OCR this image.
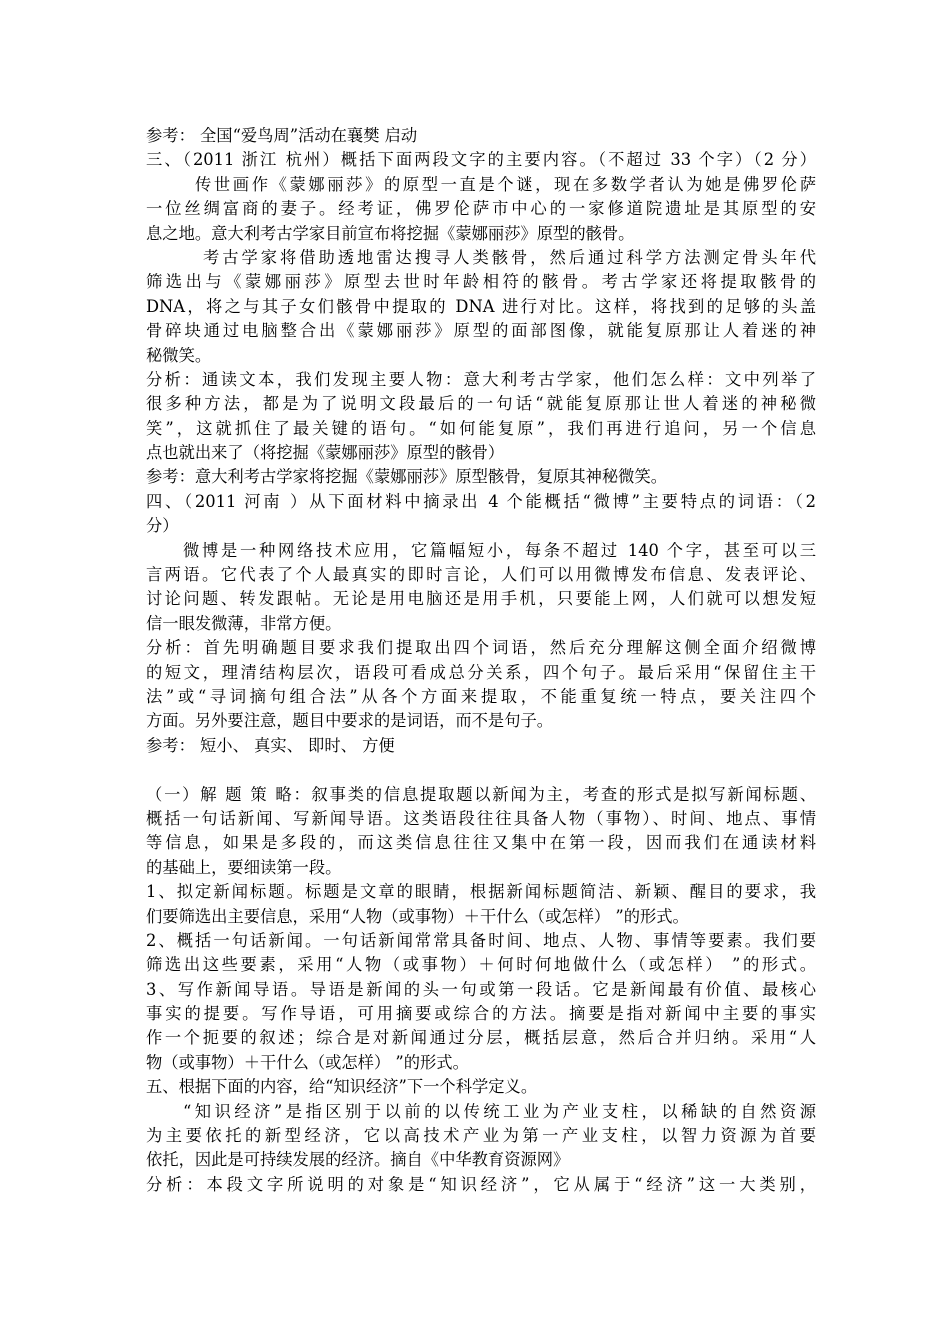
参考： 全国“爱鸟周”活动在襄樊 启动
三、（2011 浙江 杭州）概括下面两段文字的主要内容。（不超过 33 个字）（2 分）
传世画作《蒙娜丽莎》的原型一直是个谜，现在多数学者认为她是佛罗伦萨
一位丝绸富商的妻子。经考证，佛罗伦萨市中心的一家修道院遗址是其原型的安
息之地。意大利考古学家目前宣布将挖掘《蒙娜丽莎》原型的骸骨。
考古学家将借助透地雷达搜寻人类骸骨，然后通过科学方法测定骨头年代
筛选出与《蒙娜丽莎》原型去世时年龄相符的骸骨。考古学家还将提取骸骨的
DNA，将之与其子女们骸骨中提取的 DNA 进行对比。这样，将找到的足够的头盖
骨碎块通过电脑整合出《蒙娜丽莎》原型的面部图像，就能复原那让人着迷的神
秘微笑。
分析：通读文本，我们发现主要人物：意大利考古学家，他们怎么样：文中列举了
很多种方法，都是为了说明文段最后的一句话“就能复原那让世人着迷的神秘微
笑”，这就抓住了最关键的语句。“如何能复原”，我们再进行追问，另一个信息
点也就出来了（将挖掘《蒙娜丽莎》原型的骸骨）
参考：意大利考古学家将挖掘《蒙娜丽莎》原型骸骨，复原其神秘微笑。
四、（2011 河南 ）从下面材料中摘录出 4 个能概括“微博”主要特点的词语：（2
分）
微博是一种网络技术应用，它篇幅短小，每条不超过 140 个字，甚至可以三
言两语。它代表了个人最真实的即时言论，人们可以用微博发布信息、发表评论、
讨论问题、转发跟帖。无论是用电脑还是用手机，只要能上网，人们就可以想发短
信一眼发微薄，非常方便。
分析：首先明确题目要求我们提取出四个词语，然后充分理解这侧全面介绍微博
的短文，理清结构层次，语段可看成总分关系，四个句子。最后采用“保留住主干
法”或“寻词摘句组合法”从各个方面来提取，不能重复统一特点，要关注四个
方面。另外要注意，题目中要求的是词语，而不是句子。
参考： 短小、 真实、 即时、 方便
（一）解 题 策 略：叙事类的信息提取题以新闻为主，考查的形式是拟写新闻标题、
概括一句话新闻、写新闻导语。这类语段往往具备人物（事物）、时间、地点、事情
等信息，如果是多段的，而这类信息往往又集中在第一段，因而我们在通读材料
的基础上，要细读第一段。
1、拟定新闻标题。标题是文章的眼睛，根据新闻标题简洁、新颖、醒目的要求，我
们要筛选出主要信息，采用“人物（或事物）＋干什么（或怎样） ”的形式。
2、概括一句话新闻。一句话新闻常常具备时间、地点、人物、事情等要素。我们要
筛选出这些要素，采用“人物（或事物）＋何时何地做什么（或怎样） ”的形式。
3、写作新闻导语。导语是新闻的头一句或第一段话。它是新闻最有价值、最核心
事实的提要。写作导语，可用摘要或综合的方法。摘要是指对新闻中主要的事实
作一个扼要的叙述；综合是对新闻通过分层，概括层意，然后合并归纳。采用“人
物（或事物）＋干什么（或怎样） ”的形式。
五、根据下面的内容，给“知识经济”下一个科学定义。
“知识经济”是指区别于以前的以传统工业为产业支柱，以稀缺的自然资源
为主要依托的新型经济，它以高技术产业为第一产业支柱，以智力资源为首要
依托，因此是可持续发展的经济。摘自《中华教育资源网》
分析：本段文字所说明的对象是“知识经济”，它从属于“经济”这一大类别，
